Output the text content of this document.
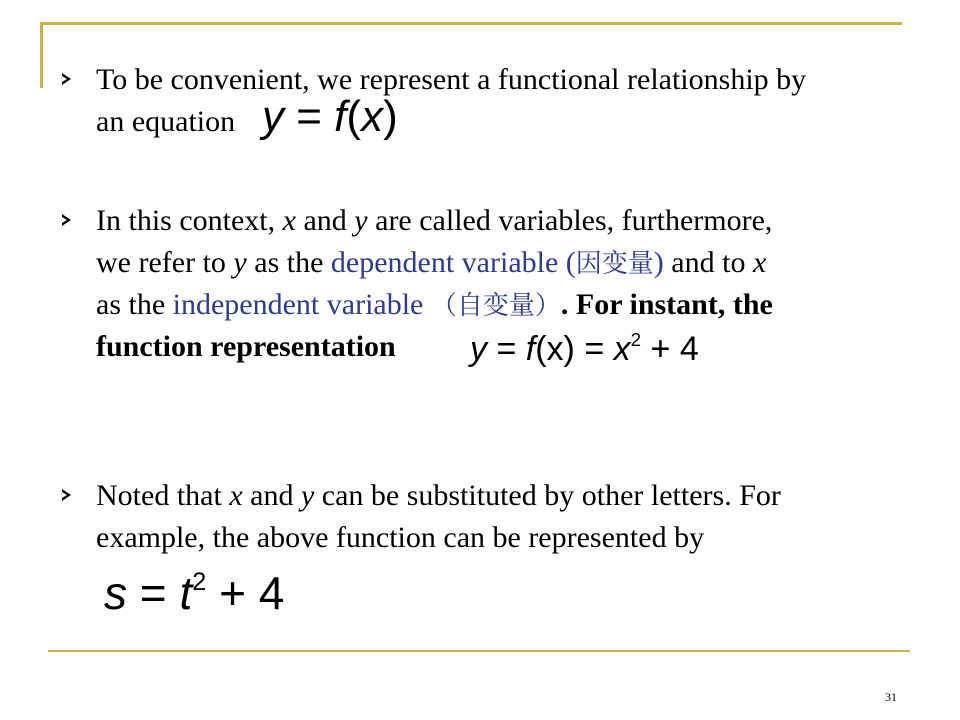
To be convenient, we represent a functional relationship by
an equation y = f(x)
In this context, x and y are called variables, furthermore,
we refer to y as the dependent variable (因变量) and to x
as the independent variable （自变量）. For instant, the
function representation	$y = f(x) = x^2 + 4$
Noted that x and y can be substituted by other letters. For
example, the above function can be represented by
$s = t^2 + 4$
31
